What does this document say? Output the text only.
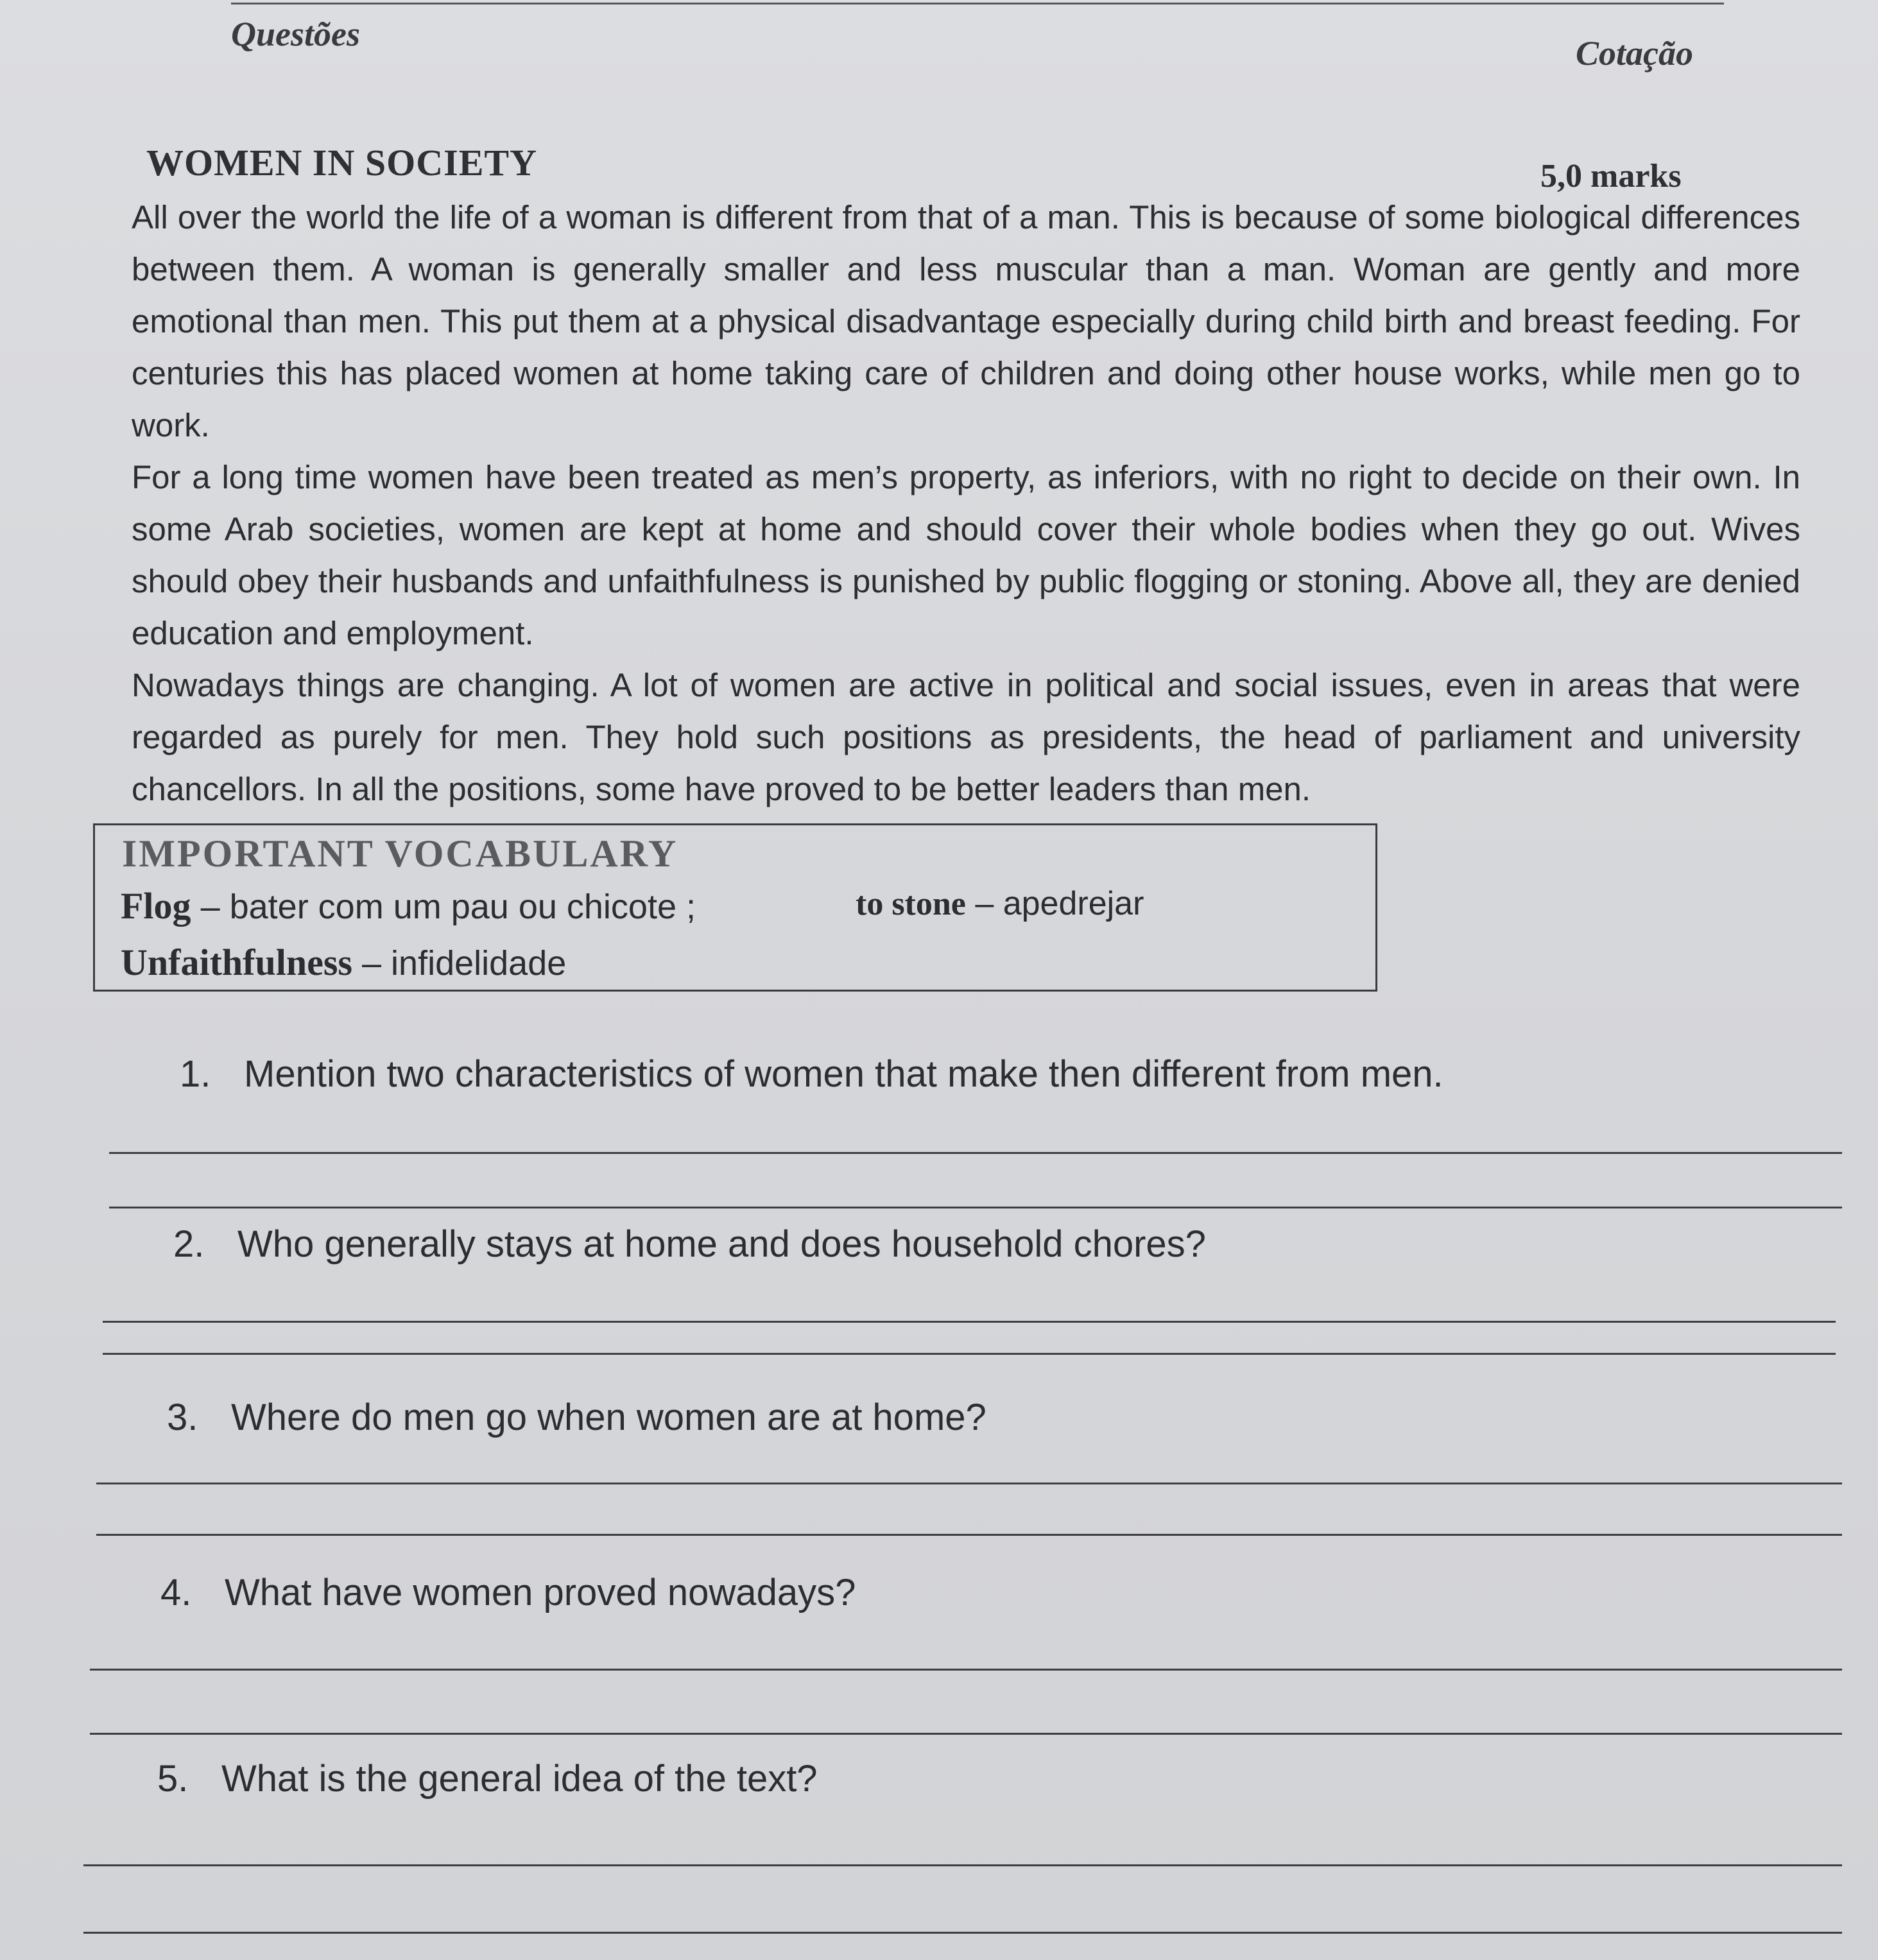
Questões	Cotação
WOMEN IN SOCIETY	5,0 marks

All over the world the life of a woman is different from that of a man. This is because of some biological differences between them. A woman is generally smaller and less muscular than a man. Woman are gently and more emotional than men. This put them at a physical disadvantage especially during child birth and breast feeding. For centuries this has placed women at home taking care of children and doing other house works, while men go to work.

For a long time women have been treated as men’s property, as inferiors, with no right to decide on their own. In some Arab societies, women are kept at home and should cover their whole bodies when they go out. Wives should obey their husbands and unfaithfulness is punished by public flogging or stoning. Above all, they are denied education and employment.

Nowadays things are changing. A lot of women are active in political and social issues, even in areas that were regarded as purely for men. They hold such positions as presidents, the head of parliament and university chancellors. In all the positions, some have proved to be better leaders than men.

IMPORTANT VOCABULARY
Flog – bater com um pau ou chicote ;	to stone – apedrejar
Unfaithfulness – infidelidade
1. Mention two characteristics of women that make then different from men.
2. Who generally stays at home and does household chores?
3. Where do men go when women are at home?
4. What have women proved nowadays?
5. What is the general idea of the text?
